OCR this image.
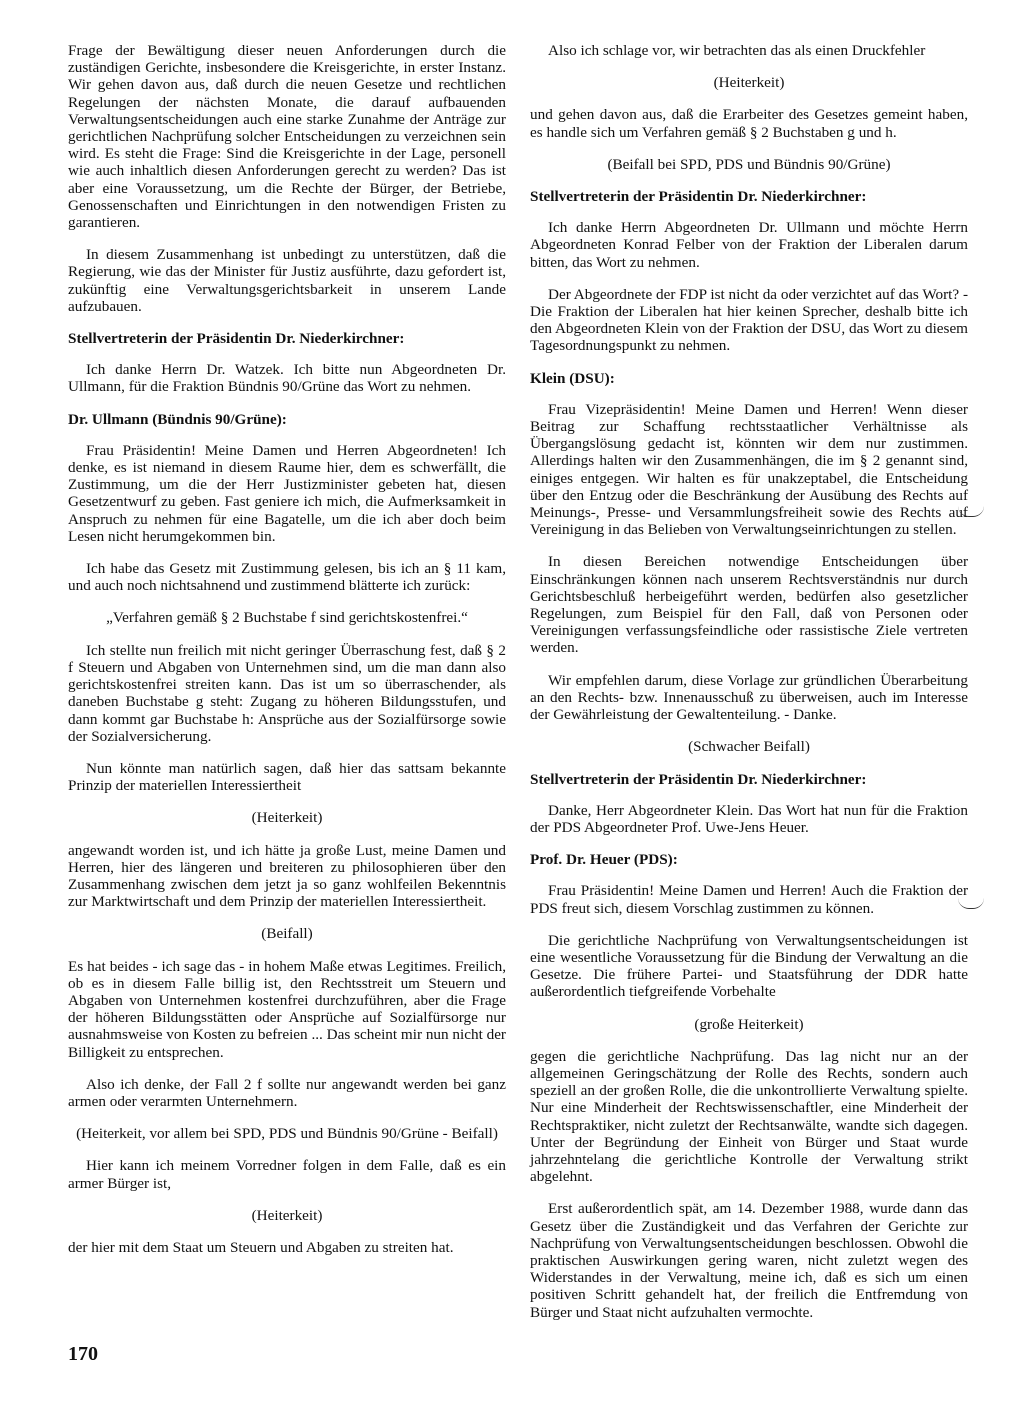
Frage der Bewältigung dieser neuen Anforderungen durch die zuständigen Gerichte, insbesondere die Kreisgerichte, in erster Instanz. Wir gehen davon aus, daß durch die neuen Gesetze und rechtlichen Regelungen der nächsten Monate, die darauf aufbauenden Verwaltungsentscheidungen auch eine starke Zunahme der Anträge zur gerichtlichen Nachprüfung solcher Entscheidungen zu verzeichnen sein wird. Es steht die Frage: Sind die Kreisgerichte in der Lage, personell wie auch inhaltlich diesen Anforderungen gerecht zu werden? Das ist aber eine Voraussetzung, um die Rechte der Bürger, der Betriebe, Genossenschaften und Einrichtungen in den notwendigen Fristen zu garantieren.
In diesem Zusammenhang ist unbedingt zu unterstützen, daß die Regierung, wie das der Minister für Justiz ausführte, dazu gefordert ist, zukünftig eine Verwaltungsgerichtsbarkeit in unserem Lande aufzubauen.
Stellvertreterin der Präsidentin Dr. Niederkirchner:
Ich danke Herrn Dr. Watzek. Ich bitte nun Abgeordneten Dr. Ullmann, für die Fraktion Bündnis 90/Grüne das Wort zu nehmen.
Dr. Ullmann (Bündnis 90/Grüne):
Frau Präsidentin! Meine Damen und Herren Abgeordneten! Ich denke, es ist niemand in diesem Raume hier, dem es schwerfällt, die Zustimmung, um die der Herr Justizminister gebeten hat, diesen Gesetzentwurf zu geben. Fast geniere ich mich, die Aufmerksamkeit in Anspruch zu nehmen für eine Bagatelle, um die ich aber doch beim Lesen nicht herumgekommen bin.
Ich habe das Gesetz mit Zustimmung gelesen, bis ich an § 11 kam, und auch noch nichtsahnend und zustimmend blätterte ich zurück:
„Verfahren gemäß § 2 Buchstabe f sind gerichtskostenfrei.“
Ich stellte nun freilich mit nicht geringer Überraschung fest, daß § 2 f Steuern und Abgaben von Unternehmen sind, um die man dann also gerichtskostenfrei streiten kann. Das ist um so überraschender, als daneben Buchstabe g steht: Zugang zu höheren Bildungsstufen, und dann kommt gar Buchstabe h: Ansprüche aus der Sozialfürsorge sowie der Sozialversicherung.
Nun könnte man natürlich sagen, daß hier das sattsam bekannte Prinzip der materiellen Interessiertheit
(Heiterkeit)
angewandt worden ist, und ich hätte ja große Lust, meine Damen und Herren, hier des längeren und breiteren zu philosophieren über den Zusammenhang zwischen dem jetzt ja so ganz wohlfeilen Bekenntnis zur Marktwirtschaft und dem Prinzip der materiellen Interessiertheit.
(Beifall)
Es hat beides - ich sage das - in hohem Maße etwas Legitimes. Freilich, ob es in diesem Falle billig ist, den Rechtsstreit um Steuern und Abgaben von Unternehmen kostenfrei durchzuführen, aber die Frage der höheren Bildungsstätten oder Ansprüche auf Sozialfürsorge nur ausnahmsweise von Kosten zu befreien ... Das scheint mir nun nicht der Billigkeit zu entsprechen.
Also ich denke, der Fall 2 f sollte nur angewandt werden bei ganz armen oder verarmten Unternehmern.
(Heiterkeit, vor allem bei SPD, PDS und Bündnis 90/Grüne - Beifall)
Hier kann ich meinem Vorredner folgen in dem Falle, daß es ein armer Bürger ist,
(Heiterkeit)
der hier mit dem Staat um Steuern und Abgaben zu streiten hat.
Also ich schlage vor, wir betrachten das als einen Druckfehler
(Heiterkeit)
und gehen davon aus, daß die Erarbeiter des Gesetzes gemeint haben, es handle sich um Verfahren gemäß § 2 Buchstaben g und h.
(Beifall bei SPD, PDS und Bündnis 90/Grüne)
Stellvertreterin der Präsidentin Dr. Niederkirchner:
Ich danke Herrn Abgeordneten Dr. Ullmann und möchte Herrn Abgeordneten Konrad Felber von der Fraktion der Liberalen darum bitten, das Wort zu nehmen.
Der Abgeordnete der FDP ist nicht da oder verzichtet auf das Wort? - Die Fraktion der Liberalen hat hier keinen Sprecher, deshalb bitte ich den Abgeordneten Klein von der Fraktion der DSU, das Wort zu diesem Tagesordnungspunkt zu nehmen.
Klein (DSU):
Frau Vizepräsidentin! Meine Damen und Herren! Wenn dieser Beitrag zur Schaffung rechtsstaatlicher Verhältnisse als Übergangslösung gedacht ist, könnten wir dem nur zustimmen. Allerdings halten wir den Zusammenhängen, die im § 2 genannt sind, einiges entgegen. Wir halten es für unakzeptabel, die Entscheidung über den Entzug oder die Beschränkung der Ausübung des Rechts auf Meinungs-, Presse- und Versammlungsfreiheit sowie des Rechts auf Vereinigung in das Belieben von Verwaltungseinrichtungen zu stellen.
In diesen Bereichen notwendige Entscheidungen über Einschränkungen können nach unserem Rechtsverständnis nur durch Gerichtsbeschluß herbeigeführt werden, bedürfen also gesetzlicher Regelungen, zum Beispiel für den Fall, daß von Personen oder Vereinigungen verfassungsfeindliche oder rassistische Ziele vertreten werden.
Wir empfehlen darum, diese Vorlage zur gründlichen Überarbeitung an den Rechts- bzw. Innenausschuß zu überweisen, auch im Interesse der Gewährleistung der Gewaltenteilung. - Danke.
(Schwacher Beifall)
Stellvertreterin der Präsidentin Dr. Niederkirchner:
Danke, Herr Abgeordneter Klein. Das Wort hat nun für die Fraktion der PDS Abgeordneter Prof. Uwe-Jens Heuer.
Prof. Dr. Heuer (PDS):
Frau Präsidentin! Meine Damen und Herren! Auch die Fraktion der PDS freut sich, diesem Vorschlag zustimmen zu können.
Die gerichtliche Nachprüfung von Verwaltungsentscheidungen ist eine wesentliche Voraussetzung für die Bindung der Verwaltung an die Gesetze. Die frühere Partei- und Staatsführung der DDR hatte außerordentlich tiefgreifende Vorbehalte
(große Heiterkeit)
gegen die gerichtliche Nachprüfung. Das lag nicht nur an der allgemeinen Geringschätzung der Rolle des Rechts, sondern auch speziell an der großen Rolle, die die unkontrollierte Verwaltung spielte. Nur eine Minderheit der Rechtswissenschaftler, eine Minderheit der Rechtspraktiker, nicht zuletzt der Rechtsanwälte, wandte sich dagegen. Unter der Begründung der Einheit von Bürger und Staat wurde jahrzehntelang die gerichtliche Kontrolle der Verwaltung strikt abgelehnt.
Erst außerordentlich spät, am 14. Dezember 1988, wurde dann das Gesetz über die Zuständigkeit und das Verfahren der Gerichte zur Nachprüfung von Verwaltungsentscheidungen beschlossen. Obwohl die praktischen Auswirkungen gering waren, nicht zuletzt wegen des Widerstandes in der Verwaltung, meine ich, daß es sich um einen positiven Schritt gehandelt hat, der freilich die Entfremdung von Bürger und Staat nicht aufzuhalten vermochte.
170
